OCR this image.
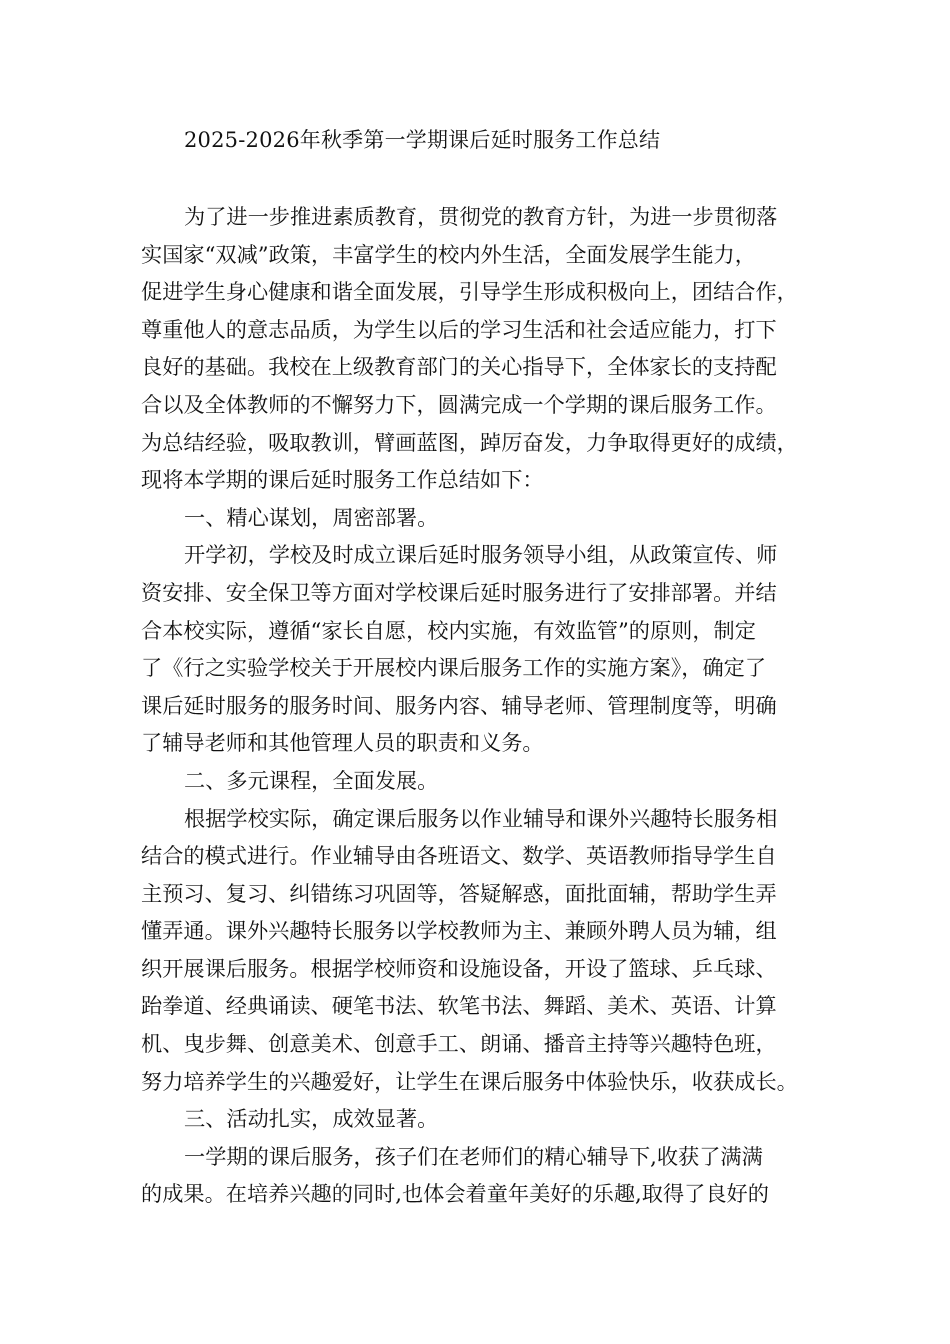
2025-2026年秋季第一学期课后延时服务工作总结
为了进一步推进素质教育，贯彻党的教育方针，为进一步贯彻落
实国家“双减”政策，丰富学生的校内外生活，全面发展学生能力，
促进学生身心健康和谐全面发展，引导学生形成积极向上，团结合作，
尊重他人的意志品质，为学生以后的学习生活和社会适应能力，打下
良好的基础。我校在上级教育部门的关心指导下，全体家长的支持配
合以及全体教师的不懈努力下，圆满完成一个学期的课后服务工作。
为总结经验，吸取教训，臂画蓝图，踔厉奋发，力争取得更好的成绩，
现将本学期的课后延时服务工作总结如下：
一、精心谋划，周密部署。
开学初，学校及时成立课后延时服务领导小组，从政策宣传、师
资安排、安全保卫等方面对学校课后延时服务进行了安排部署。并结
合本校实际，遵循“家长自愿，校内实施，有效监管”的原则，制定
了《行之实验学校关于开展校内课后服务工作的实施方案》，确定了
课后延时服务的服务时间、服务内容、辅导老师、管理制度等，明确
了辅导老师和其他管理人员的职责和义务。
二、多元课程，全面发展。
根据学校实际，确定课后服务以作业辅导和课外兴趣特长服务相
结合的模式进行。作业辅导由各班语文、数学、英语教师指导学生自
主预习、复习、纠错练习巩固等，答疑解惑，面批面辅，帮助学生弄
懂弄通。课外兴趣特长服务以学校教师为主、兼顾外聘人员为辅，组
织开展课后服务。根据学校师资和设施设备，开设了篮球、乒乓球、
跆拳道、经典诵读、硬笔书法、软笔书法、舞蹈、美术、英语、计算
机、曳步舞、创意美术、创意手工、朗诵、播音主持等兴趣特色班，
努力培养学生的兴趣爱好，让学生在课后服务中体验快乐，收获成长。
三、活动扎实，成效显著。
一学期的课后服务，孩子们在老师们的精心辅导下,收获了满满
的成果。在培养兴趣的同时,也体会着童年美好的乐趣,取得了良好的
